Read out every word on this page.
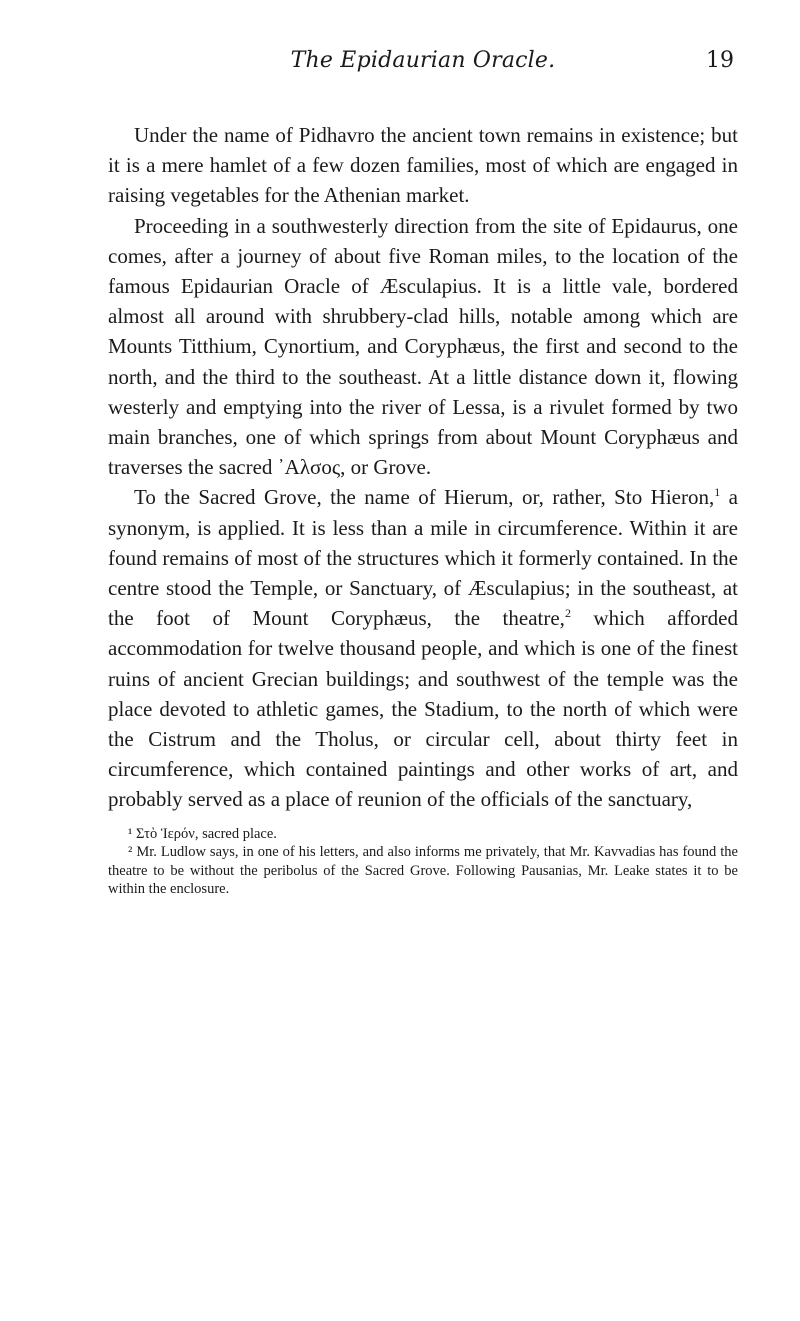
The Epidaurian Oracle.	19

Under the name of Pidhavro the ancient town remains in existence; but it is a mere hamlet of a few dozen families, most of which are engaged in raising vegetables for the Athenian market.

Proceeding in a southwesterly direction from the site of Epidaurus, one comes, after a journey of about five Roman miles, to the location of the famous Epidaurian Oracle of Æsculapius. It is a little vale, bordered almost all around with shrubbery-clad hills, notable among which are Mounts Titthium, Cynortium, and Coryphæus, the first and second to the north, and the third to the southeast. At a little distance down it, flowing westerly and emptying into the river of Lessa, is a rivulet formed by two main branches, one of which springs from about Mount Coryphæus and traverses the sacred ᾿Αλσος, or Grove.

To the Sacred Grove, the name of Hierum, or, rather, Sto Hieron,$^1$ a synonym, is applied. It is less than a mile in circumference. Within it are found remains of most of the structures which it formerly contained. In the centre stood the Temple, or Sanctuary, of Æsculapius; in the southeast, at the foot of Mount Coryphæus, the theatre,$^2$ which afforded accommodation for twelve thousand people, and which is one of the finest ruins of ancient Grecian buildings; and southwest of the temple was the place devoted to athletic games, the Stadium, to the north of which were the Cistrum and the Tholus, or circular cell, about thirty feet in circumference, which contained paintings and other works of art, and probably served as a place of reunion of the officials of the sanctuary,

¹ Στὸ Ἱερόν, sacred place.

² Mr. Ludlow says, in one of his letters, and also informs me privately, that Mr. Kavvadias has found the theatre to be without the peribolus of the Sacred Grove. Following Pausanias, Mr. Leake states it to be within the enclosure.
